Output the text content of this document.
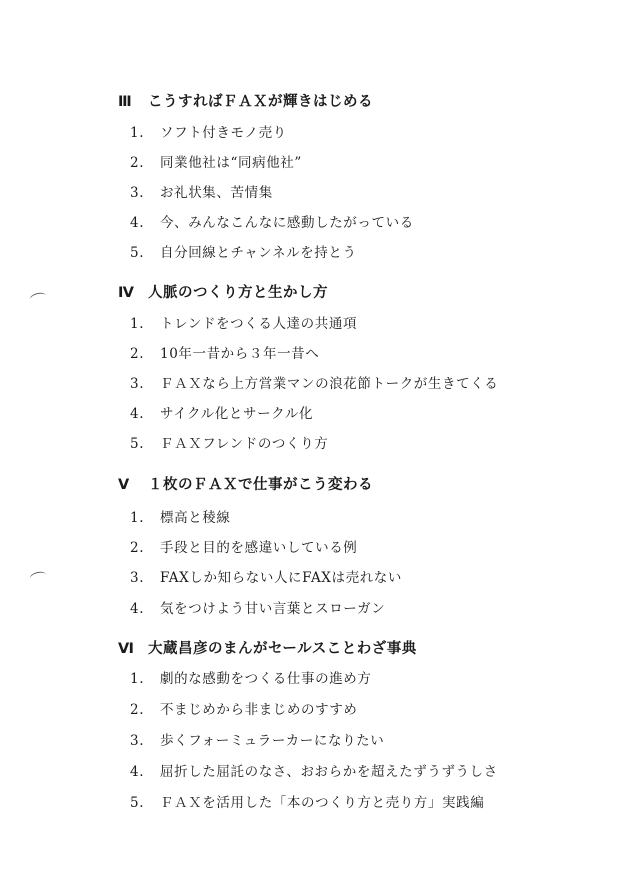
Ⅲ こうすればＦＡＸが輝きはじめる
1. ソフト付きモノ売り
2. 同業他社は“同病他社”
3. お礼状集、苦情集
4. 今、みんなこんなに感動したがっている
5. 自分回線とチャンネルを持とう
Ⅳ 人脈のつくり方と生かし方
1. トレンドをつくる人達の共通項
2. 10年一昔から３年一昔へ
3. ＦＡＸなら上方営業マンの浪花節トークが生きてくる
4. サイクル化とサークル化
5. ＦＡＸフレンドのつくり方
Ⅴ １枚のＦＡＸで仕事がこう変わる
1. 標高と稜線
2. 手段と目的を感違いしている例
3. FAXしか知らない人にFAXは売れない
4. 気をつけよう甘い言葉とスローガン
Ⅵ 大蔵昌彦のまんがセールスことわざ事典
1. 劇的な感動をつくる仕事の進め方
2. 不まじめから非まじめのすすめ
3. 歩くフォーミュラーカーになりたい
4. 屈折した屈託のなさ、おおらかを超えたずうずうしさ
5. ＦＡＸを活用した「本のつくり方と売り方」実践編
